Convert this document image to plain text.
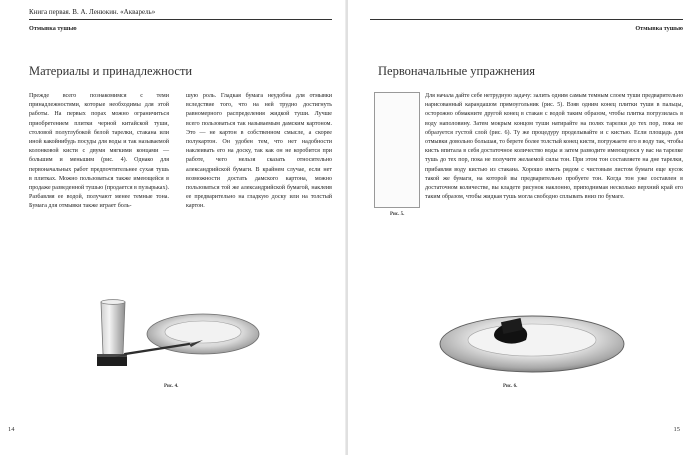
Книга первая. В. А. Ленюкин. «Акварель»
Отмывка тушью
Материалы и принадлежности
Прежде всего познакомимся с теми принадлежностями, которые необходимы для этой работы. На первых порах можно ограничиться приобретением плитки черной китайской туши, столовой полуглубокой белой тарелки, стакана или иной какойнибудь посуды для воды и так называемой колонковой кисти с двумя мягкими концами — большим и меньшим (рис. 4). Однако для первоначальных работ предпочтительнее сухая тушь в плитках. Можно пользоваться также имеющейся в продаже разведенной тушью (продается в пузырьках). Разбавляя ее водой, получают менее темные тона. Бумага для отмывки также играет боль-
шую роль. Гладкая бумага неудобна для отмывки вследствие того, что на ней трудно достигнуть равномерного распределения жидкой туши. Лучше всего пользоваться так называемым дамским картоном. Это — не картон в собственном смысле, а скорее полукартон. Он удобен тем, что нет надобности наклеивать его на доску, так как он не коробится при работе, чего нельзя сказать относительно александрийской бумаги. В крайнем случае, если нет возможности достать дамского картона, можно пользоваться той же александрийской бумагой, наклеив ее предварительно на гладкую доску или на толстый картон.
Рис. 4.
14
Отмывка тушью
Первоначальные упражнения
Рис. 5.
Для начала дайте себе нетрудную задачу: залить одним самым темным слоем туши предварительно нарисованный карандашом прямоугольник (рис. 5). Взяв одним конец плитки туши в пальцы, осторожно обмакните другой конец в стакан с водой таким образом, чтобы плитка погрузилась в воду наполовину. Затем мокрым концом туши натирайте на полях тарелки до тех пор, пока не образуется густой слой (рис. 6). Ту же процедуру проделывайте и с кистью. Если площадь для отмывки довольно большая, то берете более толстый конец кисти, погружаете его в воду так, чтобы кисть впитала в себя достаточное количество воды и затем разводите имеющуюся у вас на тарелке тушь до тех пор, пока не получите желаемой силы тон. При этом тон составляете на дне тарелки, прибавляя воду кистью из стакана. Хорошо иметь рядом с чистовым листом бумаги еще кусок такой же бумаги, на которой вы предварительно пробуете тон. Когда тон уже составлен в достаточном количестве, вы кладете рисунок наклонно, приподнимая несколько верхний край его таким образом, чтобы жидкая тушь могла свободно сплывать вниз по бумаге.
Рис. 6.
15
